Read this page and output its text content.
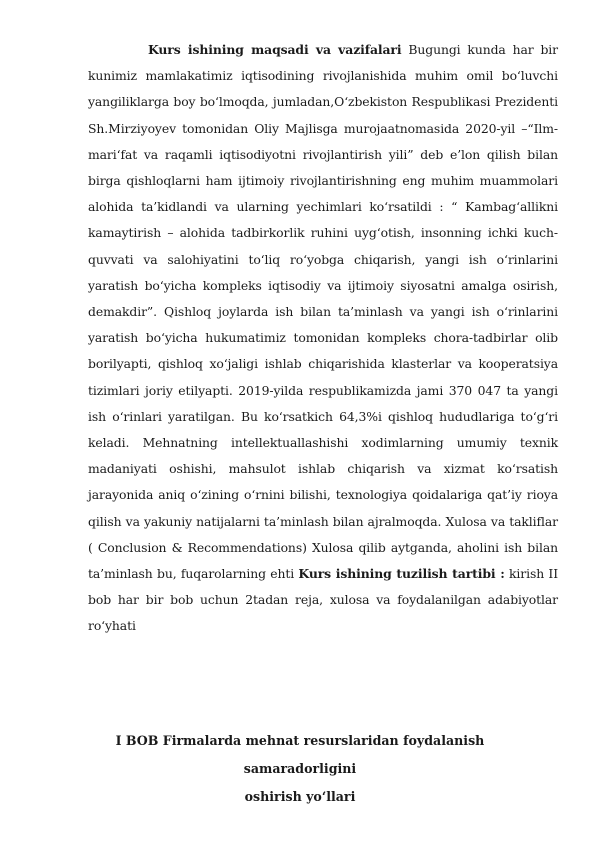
Kurs ishining maqsadi va vazifalari Bugungi kunda har bir kunimiz mamlakatimiz iqtisodining rivojlanishida muhim omil bo‘luvchi yangiliklarga boy bo‘lmoqda, jumladan,O‘zbekiston Respublikasi Prezidenti Sh.Mirziyoyev tomonidan Oliy Majlisga murojaatnomasida 2020-yil –“Ilm-mari‘fat va raqamli iqtisodiyotni rivojlantirish yili” deb e’lon qilish bilan birga qishloqlarni ham ijtimoiy rivojlantirishning eng muhim muammolari alohida ta’kidlandi va ularning yechimlari ko‘rsatildi : “ Kambag‘allikni kamaytirish – alohida tadbirkorlik ruhini uyg‘otish, insonning ichki kuch-quvvati va salohiyatini to‘liq ro‘yobga chiqarish, yangi ish o‘rinlarini yaratish bo‘yicha kompleks iqtisodiy va ijtimoiy siyosatni amalga osirish, demakdir”. Qishloq joylarda ish bilan ta’minlash va yangi ish o‘rinlarini yaratish bo‘yicha hukumatimiz tomonidan kompleks chora-tadbirlar olib borilyapti, qishloq xo‘jaligi ishlab chiqarishida klasterlar va kooperatsiya tizimlari joriy etilyapti. 2019-yilda respublikamizda jami 370 047 ta yangi ish o‘rinlari yaratilgan. Bu ko‘rsatkich 64,3%i qishloq hududlariga to‘g‘ri keladi. Mehnatning intellektuallashishi xodimlarning umumiy texnik madaniyati oshishi, mahsulot ishlab chiqarish va xizmat ko‘rsatish jarayonida aniq o‘zining o‘rnini bilishi, texnologiya qoidalariga qat’iy rioya qilish va yakuniy natijalarni ta’minlash bilan ajralmoqda. Xulosa va takliflar ( Conclusion & Recommendations) Xulosa qilib aytganda, aholini ish bilan ta’minlash bu, fuqarolarning ehti Kurs ishining tuzilish tartibi : kirish II bob har bir bob uchun 2tadan reja, xulosa va foydalanilgan adabiyotlar ro‘yhati

I BOB Firmalarda mehnat resurslaridan foydalanish samaradorligini
oshirish yo‘llari
